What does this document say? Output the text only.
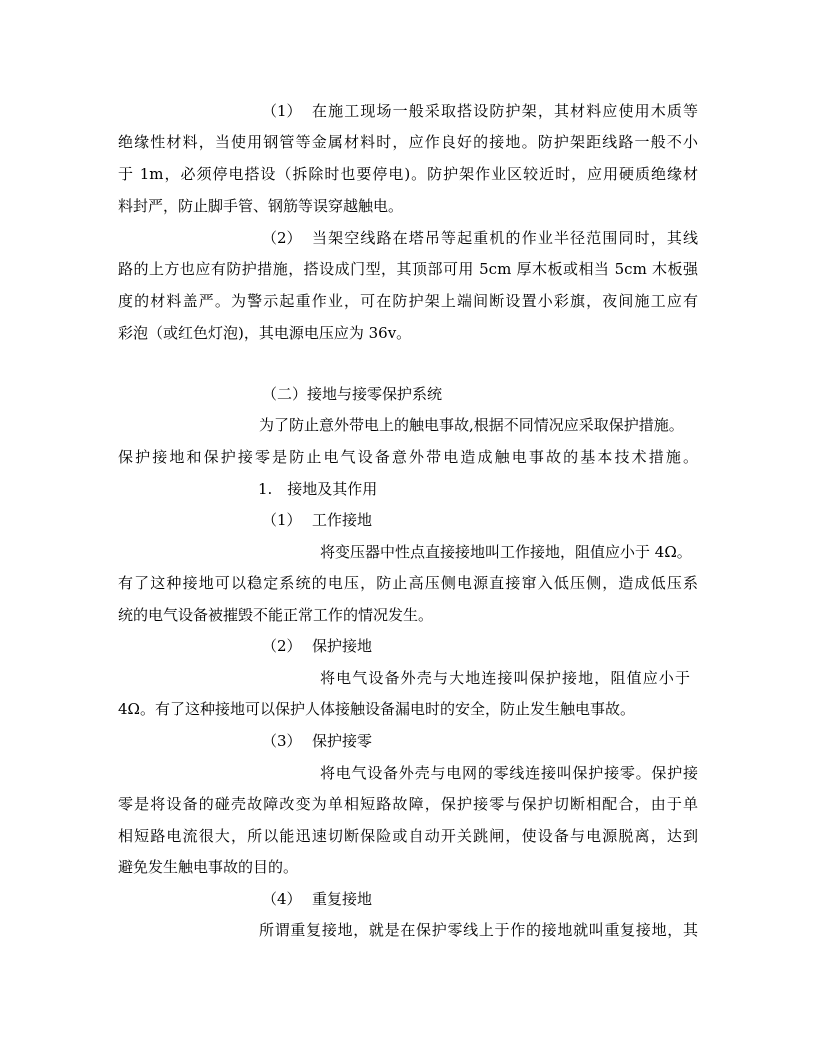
（1） 在施工现场一般采取搭设防护架，其材料应使用木质等
绝缘性材料，当使用钢管等金属材料时，应作良好的接地。防护架距线路一般不小
于 1m，必须停电搭设（拆除时也要停电)。防护架作业区较近时，应用硬质绝缘材
料封严，防止脚手管、钢筋等误穿越触电。
（2） 当架空线路在塔吊等起重机的作业半径范围同时，其线
路的上方也应有防护措施，搭设成门型，其顶部可用 5cm 厚木板或相当 5cm 木板强
度的材料盖严。为警示起重作业，可在防护架上端间断设置小彩旗，夜间施工应有
彩泡（或红色灯泡)，其电源电压应为 36v。
（二）接地与接零保护系统
为了防止意外带电上的触电事故,根据不同情况应采取保护措施。
保护接地和保护接零是防止电气设备意外带电造成触电事故的基本技术措施。
1.　接地及其作用
（1） 工作接地
将变压器中性点直接接地叫工作接地，阻值应小于 4Ω。
有了这种接地可以稳定系统的电压，防止高压侧电源直接窜入低压侧，造成低压系
统的电气设备被摧毁不能正常工作的情况发生。
（2） 保护接地
将电气设备外壳与大地连接叫保护接地，阻值应小于
4Ω。有了这种接地可以保护人体接触设备漏电时的安全，防止发生触电事故。
（3） 保护接零
将电气设备外壳与电网的零线连接叫保护接零。保护接
零是将设备的碰壳故障改变为单相短路故障，保护接零与保护切断相配合，由于单
相短路电流很大，所以能迅速切断保险或自动开关跳闸，使设备与电源脱离，达到
避免发生触电事故的目的。
（4） 重复接地
所谓重复接地，就是在保护零线上于作的接地就叫重复接地，其
